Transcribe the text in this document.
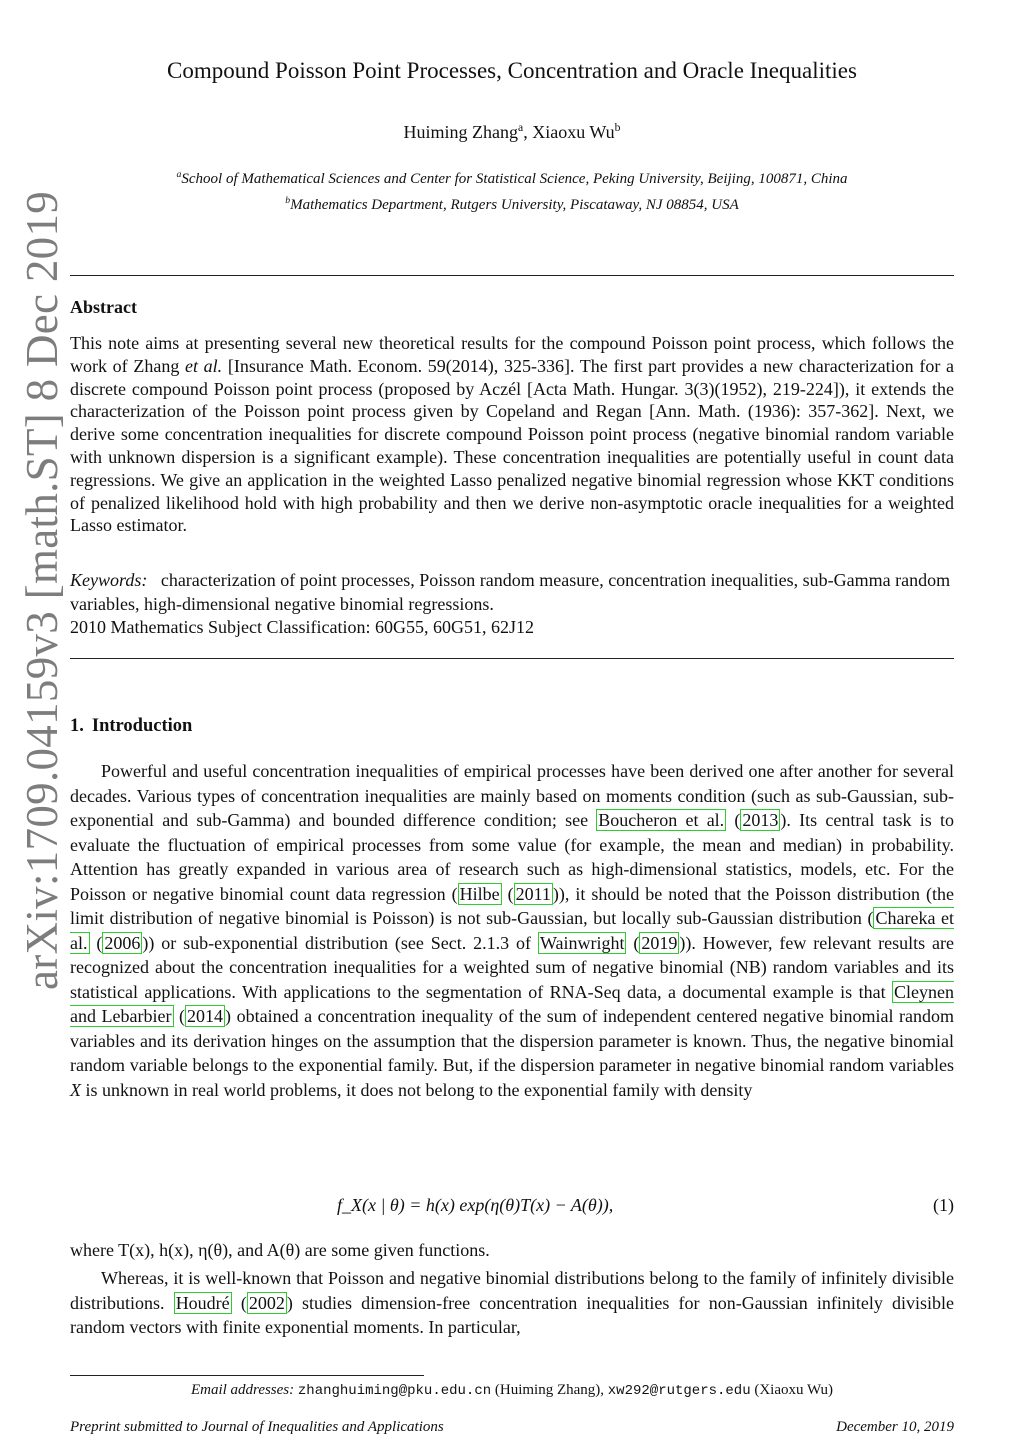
arXiv:1709.04159v3 [math.ST] 8 Dec 2019
Compound Poisson Point Processes, Concentration and Oracle Inequalities
Huiming Zhang$^a$, Xiaoxu Wu$^b$
$^a$School of Mathematical Sciences and Center for Statistical Science, Peking University, Beijing, 100871, China
$^b$Mathematics Department, Rutgers University, Piscataway, NJ 08854, USA
Abstract
This note aims at presenting several new theoretical results for the compound Poisson point process, which follows the work of Zhang et al. [Insurance Math. Econom. 59(2014), 325-336]. The first part provides a new characterization for a discrete compound Poisson point process (proposed by Aczél [Acta Math. Hungar. 3(3)(1952), 219-224]), it extends the characterization of the Poisson point process given by Copeland and Regan [Ann. Math. (1936): 357-362]. Next, we derive some concentration inequalities for discrete compound Poisson point process (negative binomial random variable with unknown dispersion is a significant example). These concentration inequalities are potentially useful in count data regressions. We give an application in the weighted Lasso penalized negative binomial regression whose KKT conditions of penalized likelihood hold with high probability and then we derive non-asymptotic oracle inequalities for a weighted Lasso estimator.
Keywords: characterization of point processes, Poisson random measure, concentration inequalities, sub-Gamma random variables, high-dimensional negative binomial regressions.
2010 Mathematics Subject Classification: 60G55, 60G51, 62J12
1. Introduction
Powerful and useful concentration inequalities of empirical processes have been derived one after another for several decades. Various types of concentration inequalities are mainly based on moments condition (such as sub-Gaussian, sub-exponential and sub-Gamma) and bounded difference condition; see Boucheron et al. ( 2013 ). Its central task is to evaluate the fluctuation of empirical processes from some value (for example, the mean and median) in probability. Attention has greatly expanded in various area of research such as high-dimensional statistics, models, etc. For the Poisson or negative binomial count data regression ( Hilbe ( 2011 )), it should be noted that the Poisson distribution (the limit distribution of negative binomial is Poisson) is not sub-Gaussian, but locally sub-Gaussian distribution ( Chareka et al. ( 2006 )) or sub-exponential distribution (see Sect. 2.1.3 of Wainwright ( 2019 )). However, few relevant results are recognized about the concentration inequalities for a weighted sum of negative binomial (NB) random variables and its statistical applications. With applications to the segmentation of RNA-Seq data, a documental example is that Cleynen and Lebarbier ( 2014 ) obtained a concentration inequality of the sum of independent centered negative binomial random variables and its derivation hinges on the assumption that the dispersion parameter is known. Thus, the negative binomial random variable belongs to the exponential family. But, if the dispersion parameter in negative binomial random variables X is unknown in real world problems, it does not belong to the exponential family with density
f_X(x | θ) = h(x) exp(η(θ)T(x) − A(θ)),	(1)
where T(x), h(x), η(θ), and A(θ) are some given functions.
Whereas, it is well-known that Poisson and negative binomial distributions belong to the family of infinitely divisible distributions. Houdré ( 2002 ) studies dimension-free concentration inequalities for non-Gaussian infinitely divisible random vectors with finite exponential moments. In particular,
Email addresses: zhanghuiming@pku.edu.cn (Huiming Zhang), xw292@rutgers.edu (Xiaoxu Wu)
Preprint submitted to Journal of Inequalities and Applications	December 10, 2019
